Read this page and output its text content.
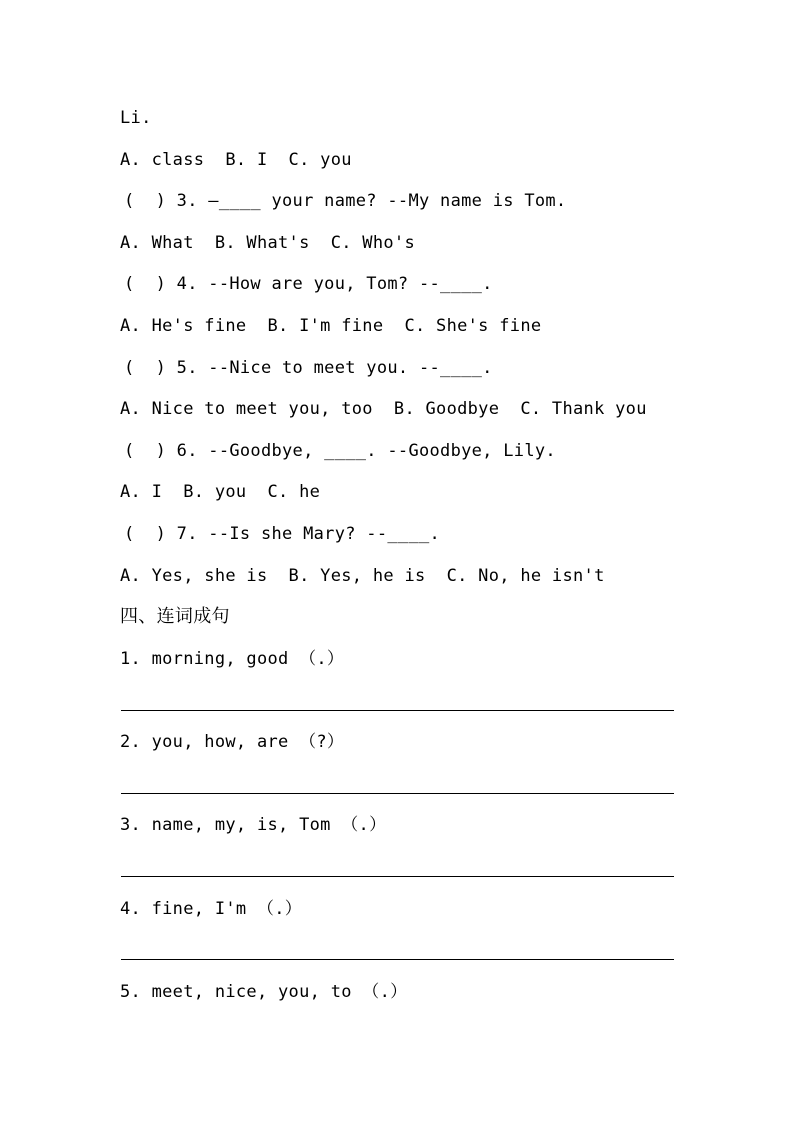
Li.
A. class  B. I  C. you
(  ) 3. —____ your name? --My name is Tom.
A. What  B. What's  C. Who's
(  ) 4. --How are you, Tom? --____.
A. He's fine  B. I'm fine  C. She's fine
(  ) 5. --Nice to meet you. --____.
A. Nice to meet you, too  B. Goodbye  C. Thank you
(  ) 6. --Goodbye, ____. --Goodbye, Lily.
A. I  B. you  C. he
(  ) 7. --Is she Mary? --____.
A. Yes, she is  B. Yes, he is  C. No, he isn't
四、连词成句
1. morning, good （.）
2. you, how, are （?）
3. name, my, is, Tom （.）
4. fine, I'm （.）
5. meet, nice, you, to （.）
